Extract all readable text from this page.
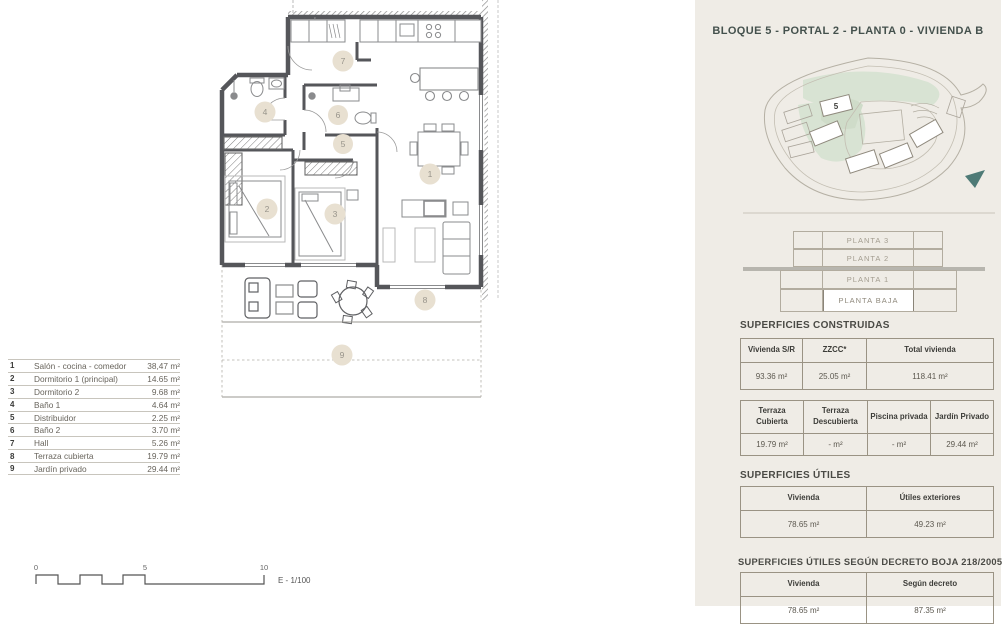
1
2	3
4
5
6
7
8
9
1	Salón - cocina - comedor	38,47 m²
2	Dormitorio 1 (principal)	14.65 m²
3	Dormitorio 2	9.68 m²
4	Baño 1	4.64 m²
5	Distribuidor	2.25 m²
6	Baño 2	3.70 m²
7	Hall	5.26 m²
8	Terraza cubierta	19.79 m²
9	Jardín privado	29.44 m²
0	5	10
E - 1/100
BLOQUE 5 - PORTAL 2 - PLANTA 0 - VIVIENDA B
5
PLANTA 3
PLANTA 2
PLANTA 1
PLANTA BAJA
SUPERFICIES CONSTRUIDAS
Vivienda S/R	ZZCC*	Total vivienda
93.36 m²	25.05 m²	118.41 m²
Terraza Cubierta	Terraza Descubierta	Piscina privada	Jardín Privado
19.79 m²	- m²	- m²	29.44 m²
SUPERFICIES ÚTILES
Vivienda	Útiles exteriores
78.65 m²	49.23 m²
SUPERFICIES ÚTILES SEGÚN DECRETO BOJA 218/2005
Vivienda	Según decreto
78.65 m²	87.35 m²
